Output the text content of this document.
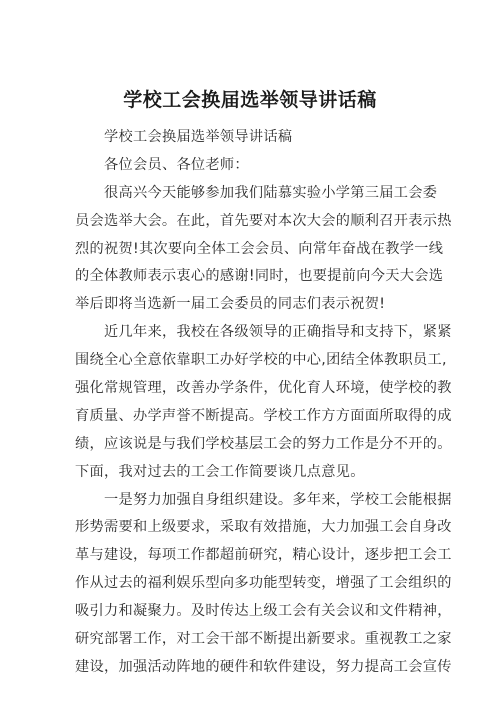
学校工会换届选举领导讲话稿
学校工会换届选举领导讲话稿
各位会员、各位老师：
很高兴今天能够参加我们陆慕实验小学第三届工会委
员会选举大会。在此，首先要对本次大会的顺利召开表示热
烈的祝贺!其次要向全体工会会员、向常年奋战在教学一线
的全体教师表示衷心的感谢!同时，也要提前向今天大会选
举后即将当选新一届工会委员的同志们表示祝贺!
近几年来，我校在各级领导的正确指导和支持下，紧紧
围绕全心全意依靠职工办好学校的中心,团结全体教职员工,
强化常规管理，改善办学条件，优化育人环境，使学校的教
育质量、办学声誉不断提高。学校工作方方面面所取得的成
绩，应该说是与我们学校基层工会的努力工作是分不开的。
下面，我对过去的工会工作简要谈几点意见。
一是努力加强自身组织建设。多年来，学校工会能根据
形势需要和上级要求，采取有效措施，大力加强工会自身改
革与建设，每项工作都超前研究，精心设计，逐步把工会工
作从过去的福利娱乐型向多功能型转变，增强了工会组织的
吸引力和凝聚力。及时传达上级工会有关会议和文件精神，
研究部署工作，对工会干部不断提出新要求。重视教工之家
建设，加强活动阵地的硬件和软件建设，努力提高工会宣传
